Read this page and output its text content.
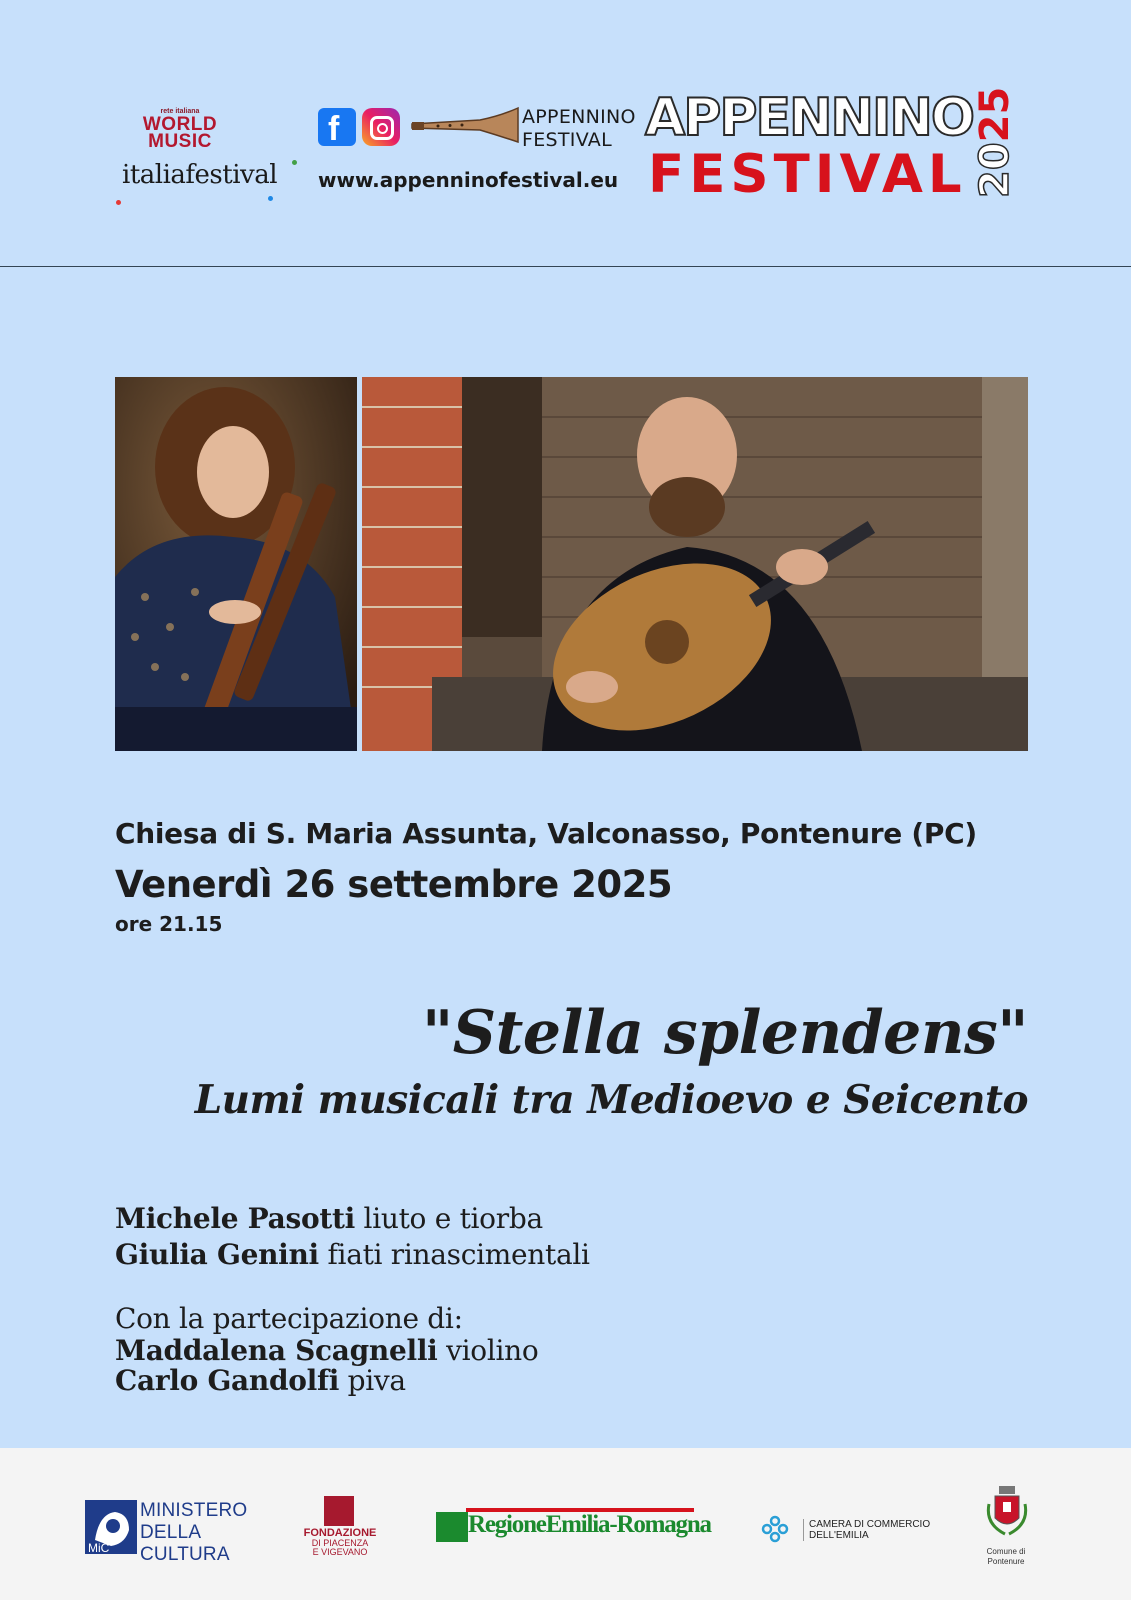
rete italiana
WORLD
MUSIC
italiafestival
f	APPENNINO
FESTIVAL
www.appenninofestival.eu
APPENNINO
FESTIVAL 2025
Chiesa di S. Maria Assunta, Valconasso, Pontenure (PC)
Venerdì 26 settembre 2025
ore 21.15
"Stella splendens"
Lumi musicali tra Medioevo e Seicento
Michele Pasotti liuto e tiorba
Giulia Genini fiati rinascimentali
Con la partecipazione di:
Maddalena Scagnelli violino
Carlo Gandolfi piva
MiC
MINISTERO
DELLA
CULTURA
FONDAZIONE
DI PIACENZA
E VIGEVANO
RegioneEmilia-Romagna	CAMERA DI COMMERCIO
DELL'EMILIA
Comune di
Pontenure
